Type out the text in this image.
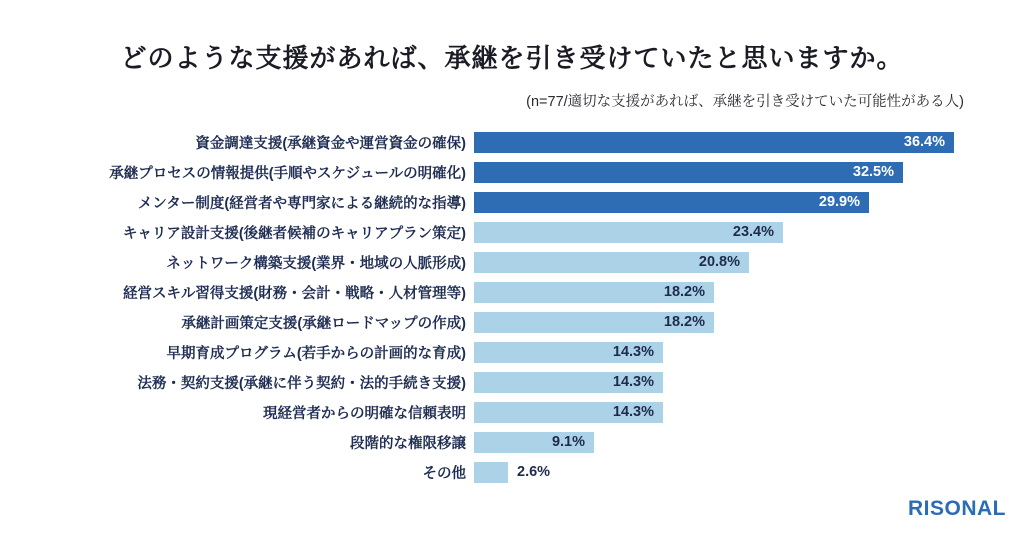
どのような支援があれば、承継を引き受けていたと思いますか。
(n=77/適切な支援があれば、承継を引き受けていた可能性がある人)
資金調達支援(承継資金や運営資金の確保)	36.4%
承継プロセスの情報提供(手順やスケジュールの明確化)	32.5%
メンター制度(経営者や専門家による継続的な指導)	29.9%
キャリア設計支援(後継者候補のキャリアプラン策定)	23.4%
ネットワーク構築支援(業界・地域の人脈形成)	20.8%
経営スキル習得支援(財務・会計・戦略・人材管理等)	18.2%
承継計画策定支援(承継ロードマップの作成)	18.2%
早期育成プログラム(若手からの計画的な育成)	14.3%
法務・契約支援(承継に伴う契約・法的手続き支援)	14.3%
現経営者からの明確な信頼表明	14.3%
段階的な権限移譲	9.1%
その他	2.6%
RISONAL
